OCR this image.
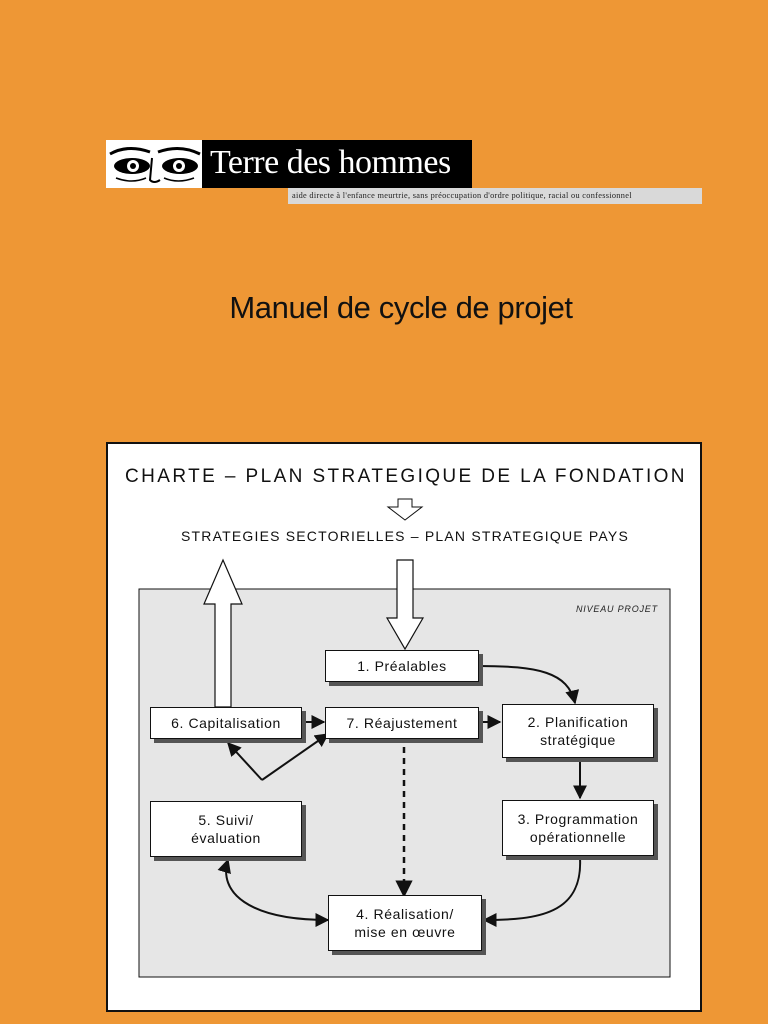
Terre des hommes
aide directe à l'enfance meurtrie, sans préoccupation d'ordre politique, racial ou confessionnel
Manuel de cycle de projet
CHARTE – PLAN STRATEGIQUE DE LA FONDATION
STRATEGIES SECTORIELLES – PLAN STRATEGIQUE PAYS
NIVEAU PROJET
1. Préalables
2. Planification
stratégique
3. Programmation
opérationnelle
4. Réalisation/
mise en œuvre
5. Suivi/
évaluation
6. Capitalisation	7. Réajustement
